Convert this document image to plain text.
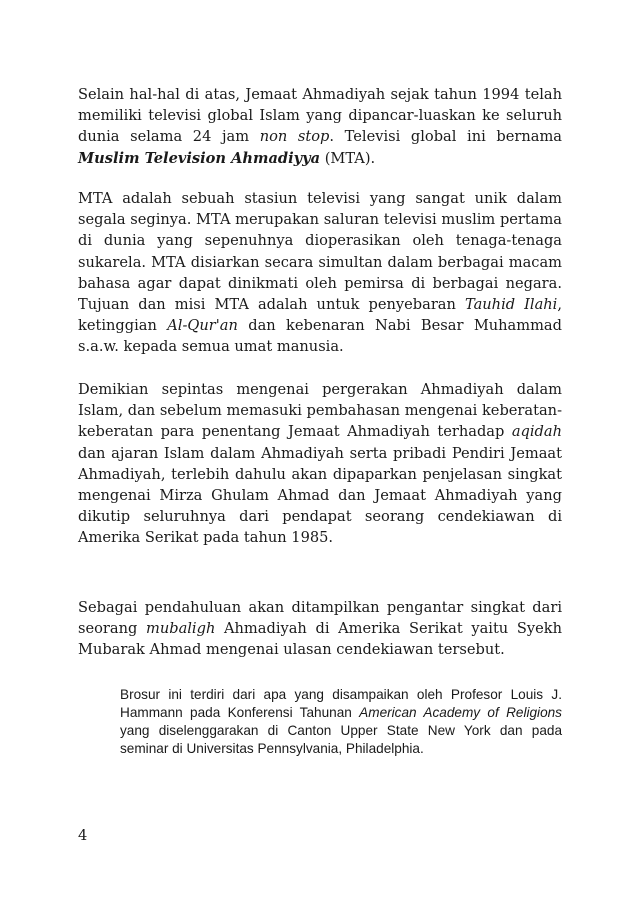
Selain hal-hal di atas, Jemaat Ahmadiyah sejak tahun 1994 telah memiliki televisi global Islam yang dipancar-luaskan ke seluruh dunia selama 24 jam non stop. Televisi global ini bernama Muslim Television Ahmadiyya (MTA).

MTA adalah sebuah stasiun televisi yang sangat unik dalam segala seginya. MTA merupakan saluran televisi muslim pertama di dunia yang sepenuhnya dioperasikan oleh tenaga-tenaga sukarela. MTA disiarkan secara simultan dalam berbagai macam bahasa agar dapat dinikmati oleh pemirsa di berbagai negara. Tujuan dan misi MTA adalah untuk penyebaran Tauhid Ilahi, ketinggian Al-Qur'an dan kebenaran Nabi Besar Muhammad s.a.w. kepada semua umat manusia.

Demikian sepintas mengenai pergerakan Ahmadiyah dalam Islam, dan sebelum memasuki pembahasan mengenai keberatan-keberatan para penentang Jemaat Ahmadiyah terhadap aqidah dan ajaran Islam dalam Ahmadiyah serta pribadi Pendiri Jemaat Ahmadiyah, terlebih dahulu akan dipaparkan penjelasan singkat mengenai Mirza Ghulam Ahmad dan Jemaat Ahmadiyah yang dikutip seluruhnya dari pendapat seorang cendekiawan di Amerika Serikat pada tahun 1985.

Sebagai pendahuluan akan ditampilkan pengantar singkat dari seorang mubaligh Ahmadiyah di Amerika Serikat yaitu Syekh Mubarak Ahmad mengenai ulasan cendekiawan tersebut.

Brosur ini terdiri dari apa yang disampaikan oleh Profesor Louis J. Hammann pada Konferensi Tahunan American Academy of Religions yang diselenggarakan di Canton Upper State New York dan pada seminar di Universitas Pennsylvania, Philadelphia.

4
